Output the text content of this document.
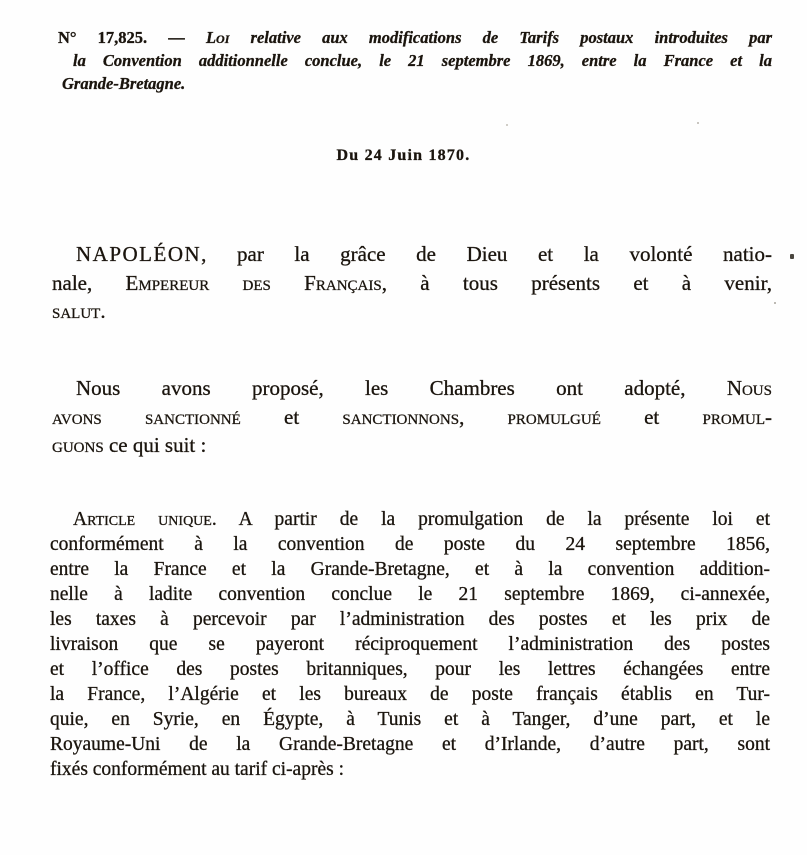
N° 17,825. — Loi relative aux modifications de Tarifs postaux introduites par
la Convention additionnelle conclue, le 21 septembre 1869, entre la France et la
Grande-Bretagne.
Du 24 Juin 1870.
NAPOLÉON, par la grâce de Dieu et la volonté natio-
nale, Empereur des Français, à tous présents et à venir,
salut.
Nous avons proposé, les Chambres ont adopté, Nous
avons sanctionné et sanctionnons, promulgué et promul-
guons ce qui suit :
Article unique. A partir de la promulgation de la présente loi et
conformément à la convention de poste du 24 septembre 1856,
entre la France et la Grande-Bretagne, et à la convention addition-
nelle à ladite convention conclue le 21 septembre 1869, ci-annexée,
les taxes à percevoir par l’administration des postes et les prix de
livraison que se payeront réciproquement l’administration des postes
et l’office des postes britanniques, pour les lettres échangées entre
la France, l’Algérie et les bureaux de poste français établis en Tur-
quie, en Syrie, en Égypte, à Tunis et à Tanger, d’une part, et le
Royaume-Uni de la Grande-Bretagne et d’Irlande, d’autre part, sont
fixés conformément au tarif ci-après :
